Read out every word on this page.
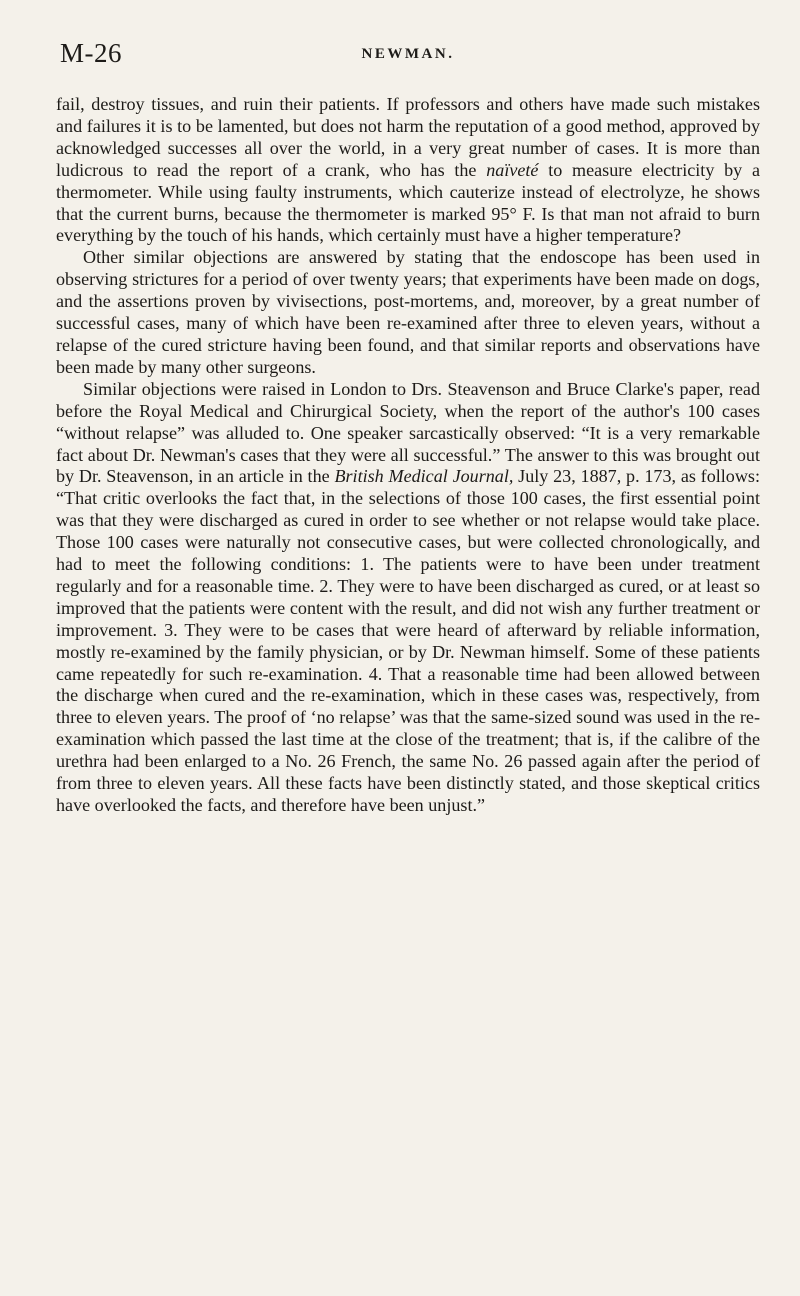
M-26	NEWMAN.

fail, destroy tissues, and ruin their patients. If professors and others have made such mistakes and failures it is to be lamented, but does not harm the reputation of a good method, approved by acknowledged successes all over the world, in a very great number of cases. It is more than ludicrous to read the report of a crank, who has the naïveté to measure electricity by a thermometer. While using faulty instruments, which cauterize instead of electrolyze, he shows that the current burns, because the thermometer is marked 95° F. Is that man not afraid to burn everything by the touch of his hands, which certainly must have a higher temperature?

Other similar objections are answered by stating that the endoscope has been used in observing strictures for a period of over twenty years; that experiments have been made on dogs, and the assertions proven by vivisections, post-mortems, and, moreover, by a great number of successful cases, many of which have been re-examined after three to eleven years, without a relapse of the cured stricture having been found, and that similar reports and observations have been made by many other surgeons.

Similar objections were raised in London to Drs. Steavenson and Bruce Clarke's paper, read before the Royal Medical and Chirurgical Society, when the report of the author's 100 cases “without relapse” was alluded to. One speaker sarcastically observed: “It is a very remarkable fact about Dr. Newman's cases that they were all successful.” The answer to this was brought out by Dr. Steavenson, in an article in the British Medical Journal, July 23, 1887, p. 173, as follows: “That critic overlooks the fact that, in the selections of those 100 cases, the first essential point was that they were discharged as cured in order to see whether or not relapse would take place. Those 100 cases were naturally not consecutive cases, but were collected chronologically, and had to meet the following conditions: 1. The patients were to have been under treatment regularly and for a reasonable time. 2. They were to have been discharged as cured, or at least so improved that the patients were content with the result, and did not wish any further treatment or improvement. 3. They were to be cases that were heard of afterward by reliable information, mostly re-examined by the family physician, or by Dr. Newman himself. Some of these patients came repeatedly for such re-examination. 4. That a reasonable time had been allowed between the discharge when cured and the re-examination, which in these cases was, respectively, from three to eleven years. The proof of ‘no relapse’ was that the same-sized sound was used in the re-examination which passed the last time at the close of the treatment; that is, if the calibre of the urethra had been enlarged to a No. 26 French, the same No. 26 passed again after the period of from three to eleven years. All these facts have been distinctly stated, and those skeptical critics have overlooked the facts, and therefore have been unjust.”
